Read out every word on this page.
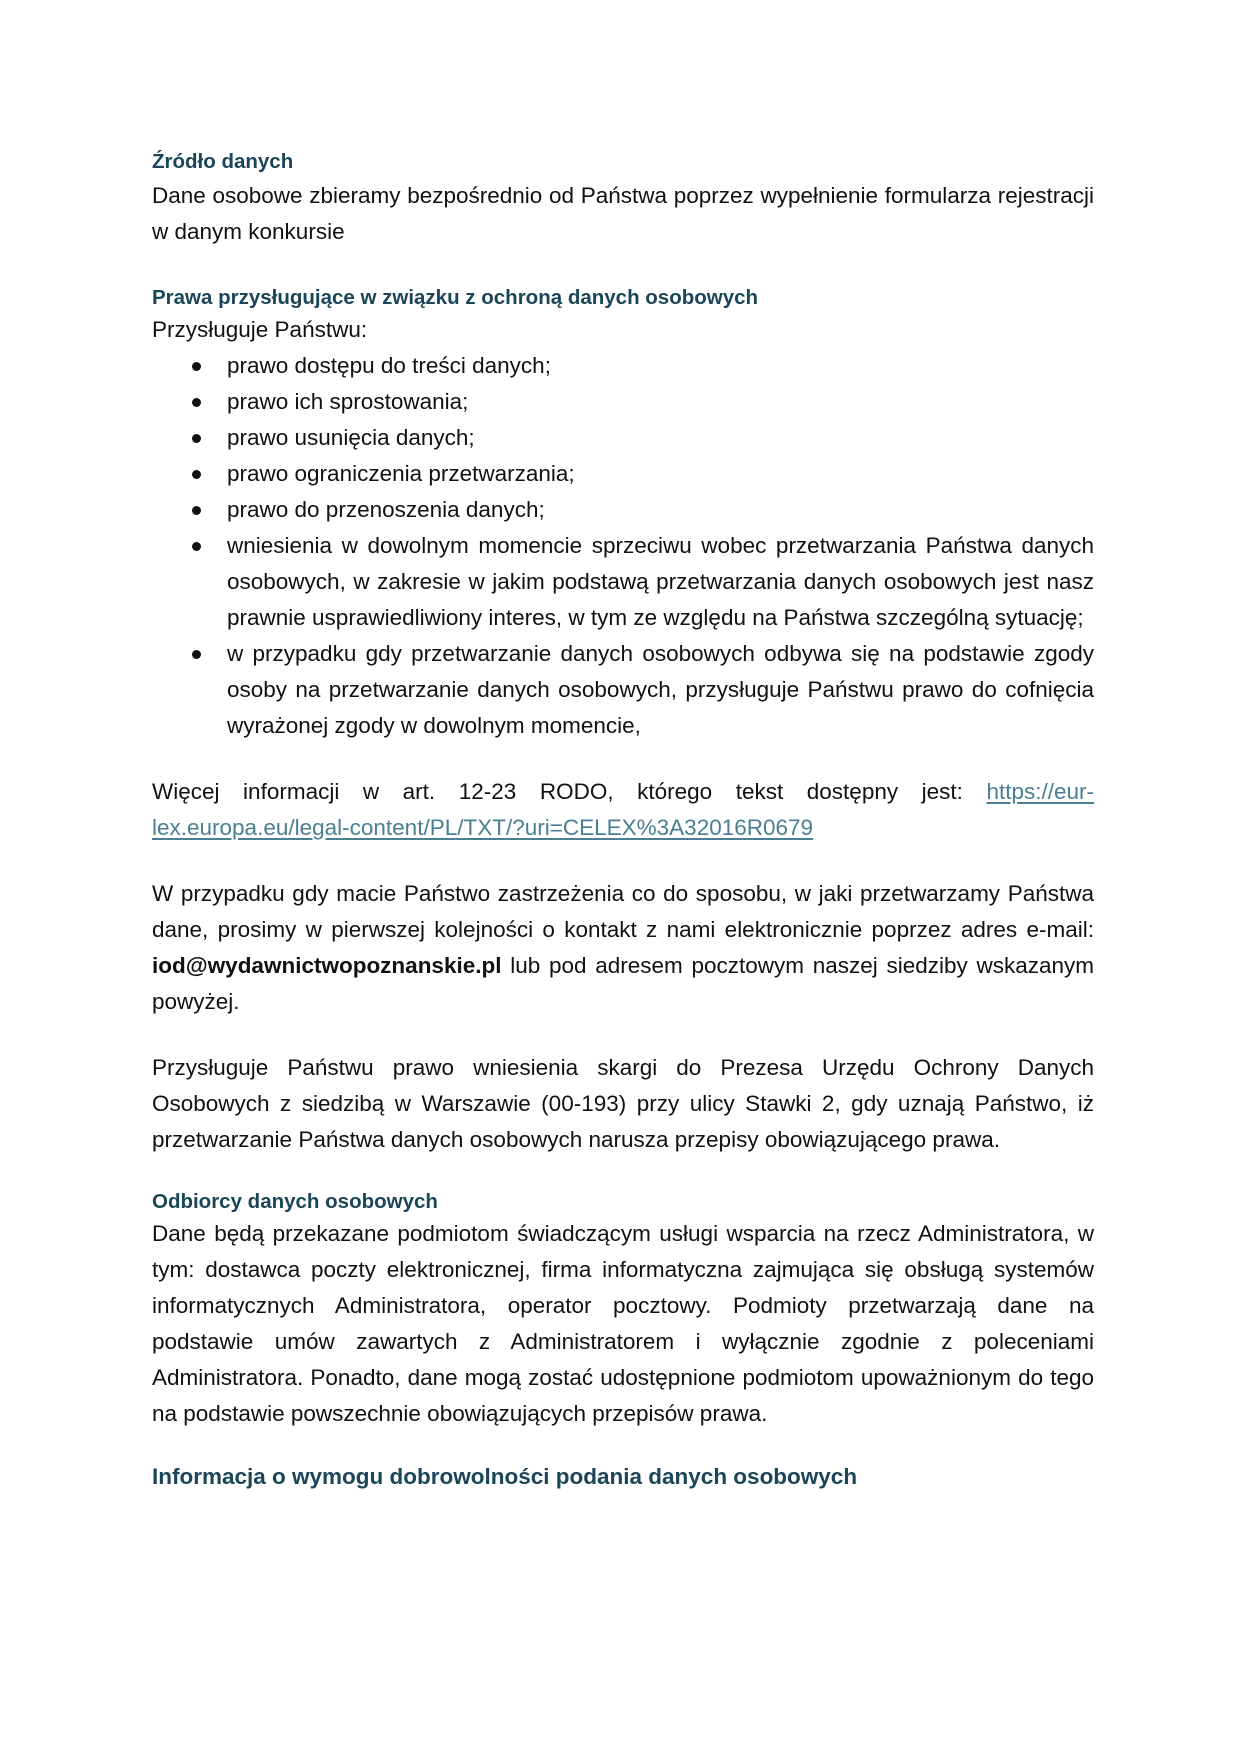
Źródło danych

Dane osobowe zbieramy bezpośrednio od Państwa poprzez wypełnienie formularza rejestracji w danym konkursie

Prawa przysługujące w związku z ochroną danych osobowych

Przysługuje Państwu:

prawo dostępu do treści danych;
prawo ich sprostowania;
prawo usunięcia danych;
prawo ograniczenia przetwarzania;
prawo do przenoszenia danych;
wniesienia w dowolnym momencie sprzeciwu wobec przetwarzania Państwa danych osobowych, w zakresie w jakim podstawą przetwarzania danych osobowych jest nasz prawnie usprawiedliwiony interes, w tym ze względu na Państwa szczególną sytuację;
w przypadku gdy przetwarzanie danych osobowych odbywa się na podstawie zgody osoby na przetwarzanie danych osobowych, przysługuje Państwu prawo do cofnięcia wyrażonej zgody w dowolnym momencie,

Więcej informacji w art. 12-23 RODO, którego tekst dostępny jest: https://eur-lex.europa.eu/legal-content/PL/TXT/?uri=CELEX%3A32016R0679

W przypadku gdy macie Państwo zastrzeżenia co do sposobu, w jaki przetwarzamy Państwa dane, prosimy w pierwszej kolejności o kontakt z nami elektronicznie poprzez adres e-mail: iod@wydawnictwopoznanskie.pl lub pod adresem pocztowym naszej siedziby wskazanym powyżej.

Przysługuje Państwu prawo wniesienia skargi do Prezesa Urzędu Ochrony Danych Osobowych z siedzibą w Warszawie (00-193) przy ulicy Stawki 2, gdy uznają Państwo, iż przetwarzanie Państwa danych osobowych narusza przepisy obowiązującego prawa.

Odbiorcy danych osobowych

Dane będą przekazane podmiotom świadczącym usługi wsparcia na rzecz Administratora, w tym: dostawca poczty elektronicznej, firma informatyczna zajmująca się obsługą systemów informatycznych Administratora, operator pocztowy. Podmioty przetwarzają dane na podstawie umów zawartych z Administratorem i wyłącznie zgodnie z poleceniami Administratora. Ponadto, dane mogą zostać udostępnione podmiotom upoważnionym do tego na podstawie powszechnie obowiązujących przepisów prawa.

Informacja o wymogu dobrowolności podania danych osobowych
